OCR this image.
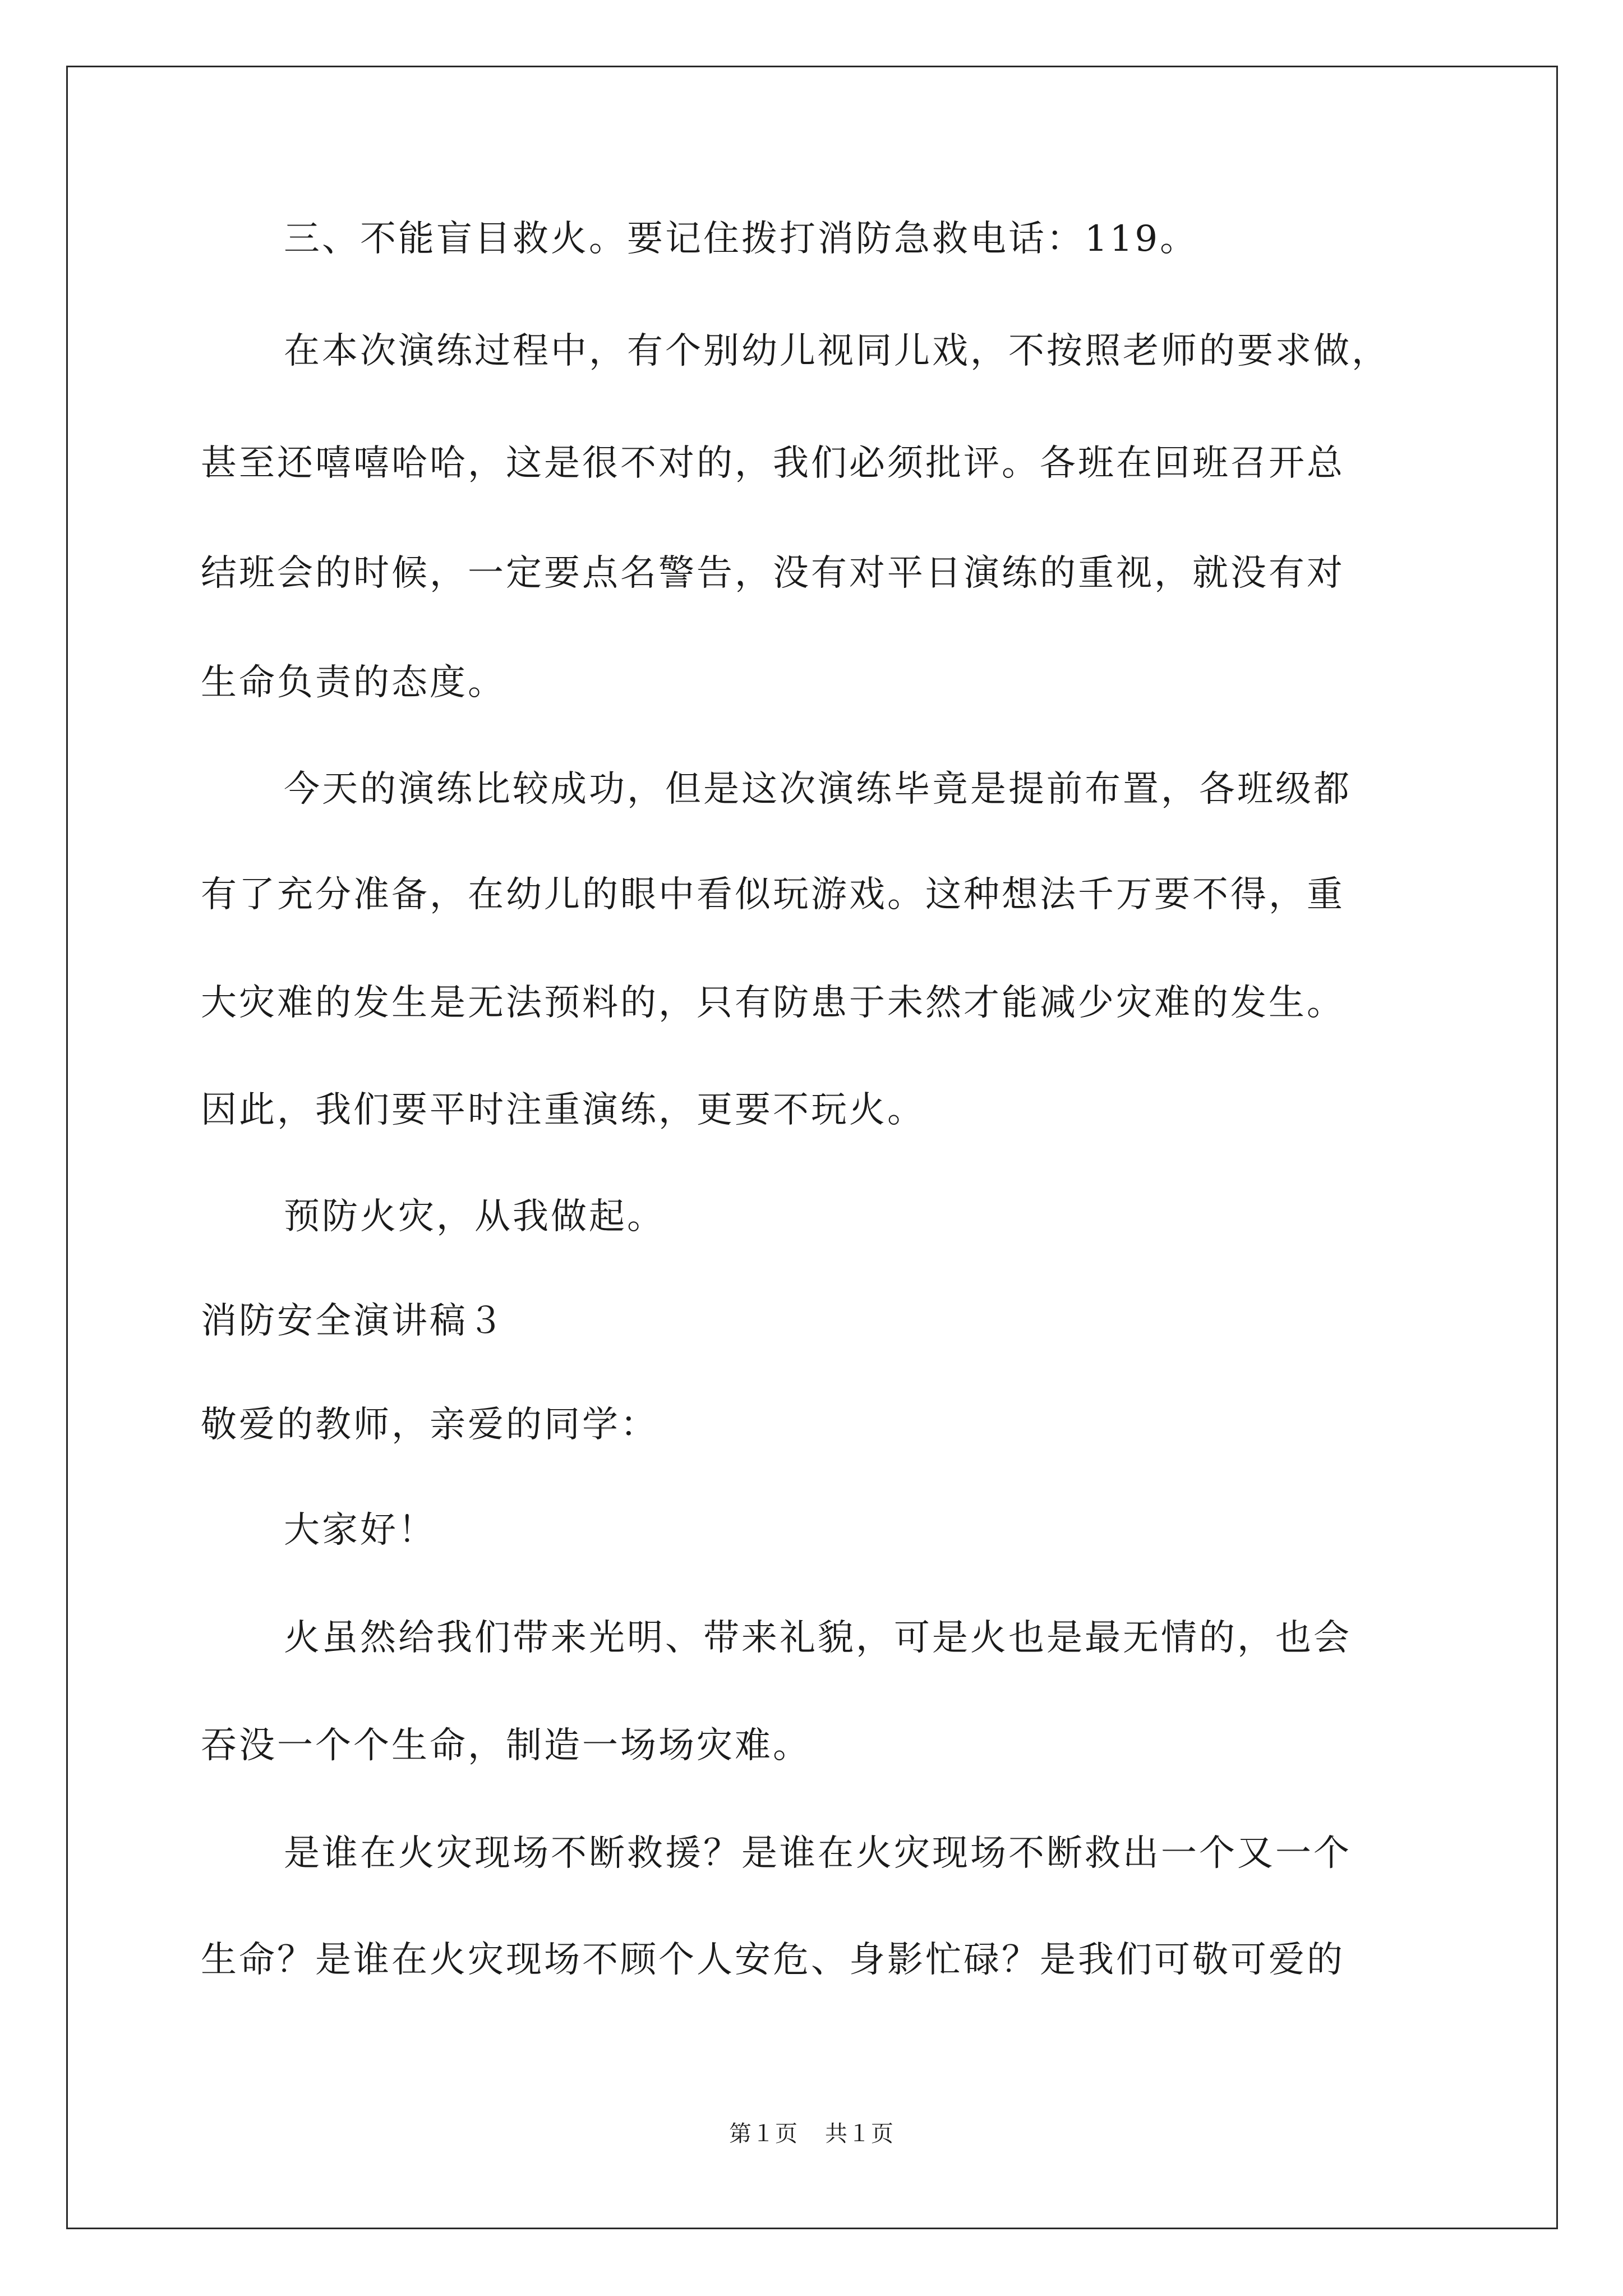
三、不能盲目救火。要记住拨打消防急救电话：119。
在本次演练过程中，有个别幼儿视同儿戏，不按照老师的要求做，
甚至还嘻嘻哈哈，这是很不对的，我们必须批评。各班在回班召开总
结班会的时候，一定要点名警告，没有对平日演练的重视，就没有对
生命负责的态度。
今天的演练比较成功，但是这次演练毕竟是提前布置，各班级都
有了充分准备，在幼儿的眼中看似玩游戏。这种想法千万要不得，重
大灾难的发生是无法预料的，只有防患于未然才能减少灾难的发生。
因此，我们要平时注重演练，更要不玩火。
预防火灾，从我做起。
消防安全演讲稿３
敬爱的教师，亲爱的同学：
大家好！
火虽然给我们带来光明、带来礼貌，可是火也是最无情的，也会
吞没一个个生命，制造一场场灾难。
是谁在火灾现场不断救援？是谁在火灾现场不断救出一个又一个
生命？是谁在火灾现场不顾个人安危、身影忙碌？是我们可敬可爱的
第１页 共１页
